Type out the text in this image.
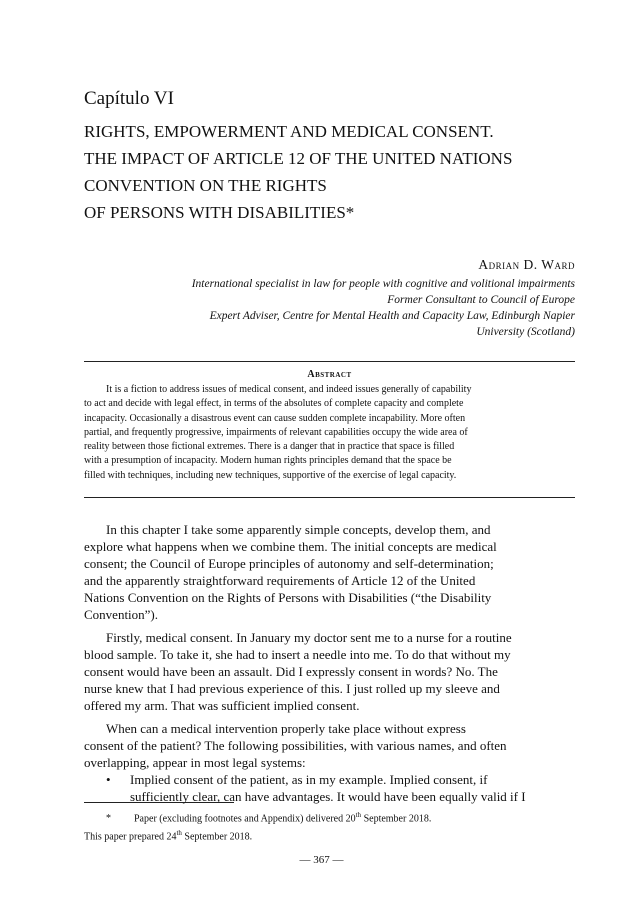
Capítulo VI
RIGHTS, EMPOWERMENT AND MEDICAL CONSENT.
THE IMPACT OF ARTICLE 12 OF THE UNITED NATIONS
CONVENTION ON THE RIGHTS
OF PERSONS WITH DISABILITIES*
Adrian D. Ward
International specialist in law for people with cognitive and volitional impairments
Former Consultant to Council of Europe
Expert Adviser, Centre for Mental Health and Capacity Law, Edinburgh Napier
University (Scotland)
Abstract
It is a fiction to address issues of medical consent, and indeed issues generally of capability
to act and decide with legal effect, in terms of the absolutes of complete capacity and complete
incapacity. Occasionally a disastrous event can cause sudden complete incapability. More often
partial, and frequently progressive, impairments of relevant capabilities occupy the wide area of
reality between those fictional extremes. There is a danger that in practice that space is filled
with a presumption of incapacity. Modern human rights principles demand that the space be
filled with techniques, including new techniques, supportive of the exercise of legal capacity.
In this chapter I take some apparently simple concepts, develop them, and
explore what happens when we combine them. The initial concepts are medical
consent; the Council of Europe principles of autonomy and self-determination;
and the apparently straightforward requirements of Article 12 of the United
Nations Convention on the Rights of Persons with Disabilities (“the Disability
Convention”).
Firstly, medical consent. In January my doctor sent me to a nurse for a routine
blood sample. To take it, she had to insert a needle into me. To do that without my
consent would have been an assault. Did I expressly consent in words? No. The
nurse knew that I had previous experience of this. I just rolled up my sleeve and
offered my arm. That was sufficient implied consent.
When can a medical intervention properly take place without express
consent of the patient? The following possibilities, with various names, and often
overlapping, appear in most legal systems:
• Implied consent of the patient, as in my example. Implied consent, if
sufficiently clear, can have advantages. It would have been equally valid if I
* Paper (excluding footnotes and Appendix) delivered 20th September 2018.
This paper prepared 24th September 2018.
— 367 —
